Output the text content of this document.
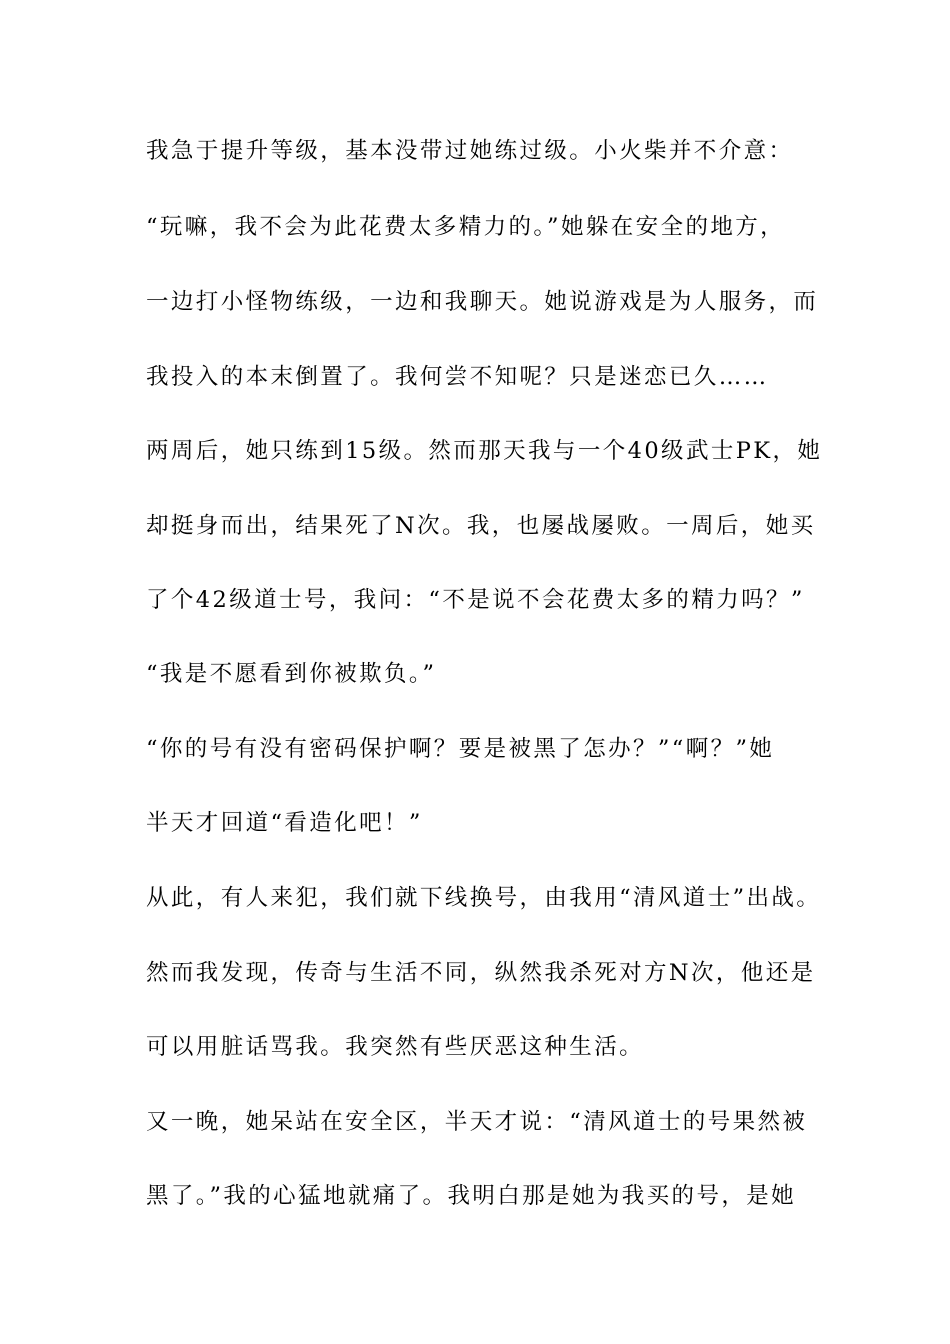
我急于提升等级，基本没带过她练过级。小火柴并不介意：
“玩嘛，我不会为此花费太多精力的。”她躲在安全的地方，
一边打小怪物练级，一边和我聊天。她说游戏是为人服务，而
我投入的本末倒置了。我何尝不知呢？只是迷恋已久……
两周后，她只练到15级。然而那天我与一个40级武士PK，她
却挺身而出，结果死了N次。我，也屡战屡败。一周后，她买
了个42级道士号，我问：“不是说不会花费太多的精力吗？”
“我是不愿看到你被欺负。”
“你的号有没有密码保护啊？要是被黑了怎办？”“啊？”她
半天才回道“看造化吧！”
从此，有人来犯，我们就下线换号，由我用“清风道士”出战。
然而我发现，传奇与生活不同，纵然我杀死对方N次，他还是
可以用脏话骂我。我突然有些厌恶这种生活。
又一晚，她呆站在安全区，半天才说：“清风道士的号果然被
黑了。”我的心猛地就痛了。我明白那是她为我买的号，是她
